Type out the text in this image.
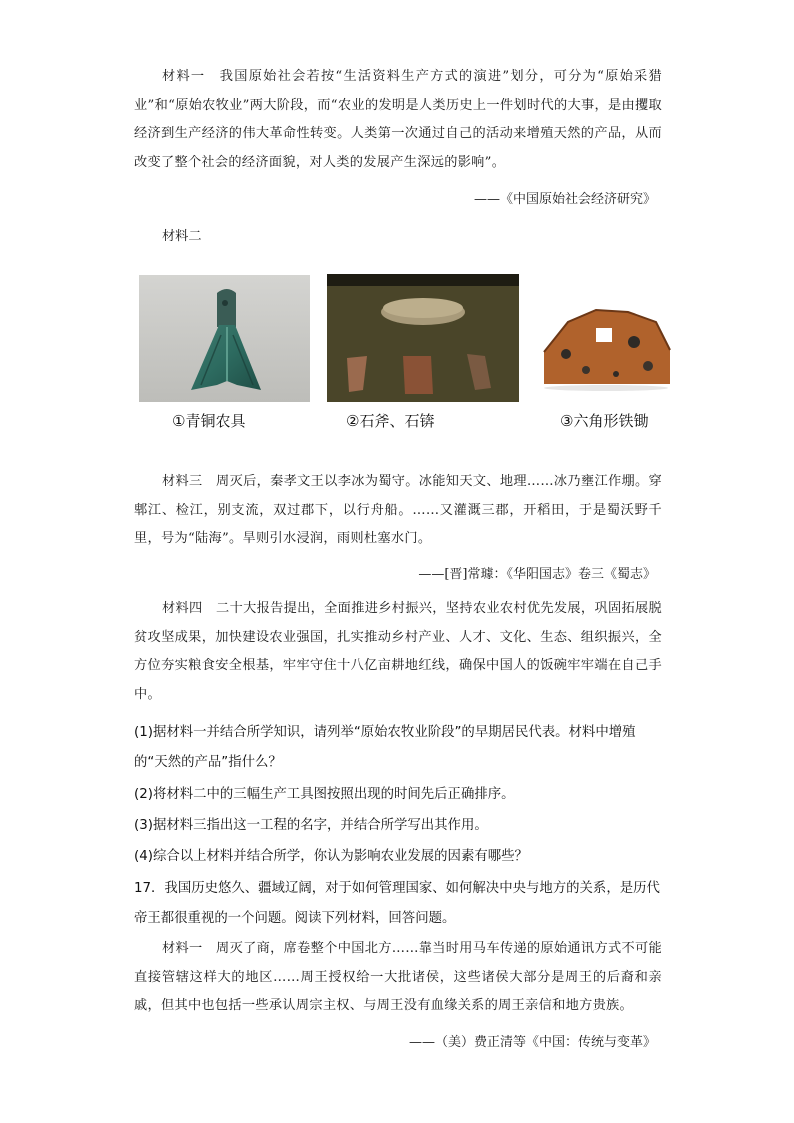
材料一　我国原始社会若按“生活资料生产方式的演进”划分，可分为“原始采猎业”和“原始农牧业”两大阶段，而“农业的发明是人类历史上一件划时代的大事，是由攫取经济到生产经济的伟大革命性转变。人类第一次通过自己的活动来增殖天然的产品，从而改变了整个社会的经济面貌，对人类的发展产生深远的影响”。
——《中国原始社会经济研究》
材料二
①青铜农具	②石斧、石锛	③六角形铁锄
材料三　周灭后，秦孝文王以李冰为蜀守。冰能知天文、地理……冰乃壅江作堋。穿郫江、检江，别支流，双过郡下，以行舟船。……又灌溉三郡，开稻田，于是蜀沃野千里，号为“陆海”。旱则引水浸润，雨则杜塞水门。
——[晋]常璩：《华阳国志》卷三《蜀志》
材料四　二十大报告提出，全面推进乡村振兴，坚持农业农村优先发展，巩固拓展脱贫攻坚成果，加快建设农业强国，扎实推动乡村产业、人才、文化、生态、组织振兴，全方位夯实粮食安全根基，牢牢守住十八亿亩耕地红线，确保中国人的饭碗牢牢端在自己手中。
(1)据材料一并结合所学知识，请列举“原始农牧业阶段”的早期居民代表。材料中增殖的“天然的产品”指什么？
(2)将材料二中的三幅生产工具图按照出现的时间先后正确排序。
(3)据材料三指出这一工程的名字，并结合所学写出其作用。
(4)综合以上材料并结合所学，你认为影响农业发展的因素有哪些？
17．我国历史悠久、疆域辽阔，对于如何管理国家、如何解决中央与地方的关系，是历代帝王都很重视的一个问题。阅读下列材料，回答问题。
材料一　周灭了商，席卷整个中国北方……靠当时用马车传递的原始通讯方式不可能直接管辖这样大的地区……周王授权给一大批诸侯，这些诸侯大部分是周王的后裔和亲戚，但其中也包括一些承认周宗主权、与周王没有血缘关系的周王亲信和地方贵族。
——（美）费正清等《中国：传统与变革》
